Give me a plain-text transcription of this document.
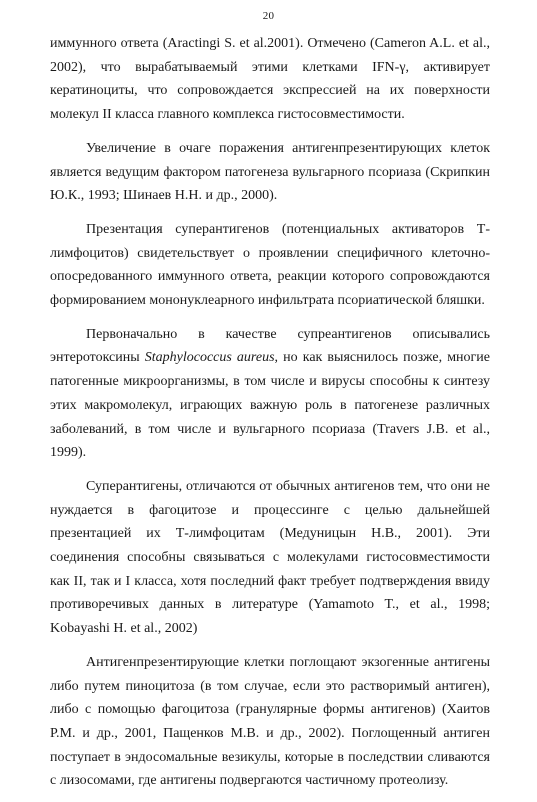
20

иммунного ответа (Aractingi S. et al.2001). Отмечено (Cameron A.L. et al., 2002), что вырабатываемый этими клетками IFN-γ, активирует кератиноциты, что сопровождается экспрессией на их поверхности молекул II класса главного комплекса гистосовместимости.

Увеличение в очаге поражения антигенпрезентирующих клеток является ведущим фактором патогенеза вульгарного псориаза (Скрипкин Ю.К., 1993; Шинаев Н.Н. и др., 2000).

Презентация суперантигенов (потенциальных активаторов Т-лимфоцитов) свидетельствует о проявлении специфичного клеточно-опосредованного иммунного ответа, реакции которого сопровождаются формированием мононуклеарного инфильтрата псориатической бляшки.

Первоначально в качестве супреантигенов описывались энтеротоксины Staphylococcus aureus, но как выяснилось позже, многие патогенные микроорганизмы, в том числе и вирусы способны к синтезу этих макромолекул, играющих важную роль в патогенезе различных заболеваний, в том числе и вульгарного псориаза (Travers J.B. et al., 1999).

Суперантигены, отличаются от обычных антигенов тем, что они не нуждается в фагоцитозе и процессинге с целью дальнейшей презентацией их Т-лимфоцитам (Медуницын Н.В., 2001). Эти соединения способны связываться с молекулами гистосовместимости как II, так и I класса, хотя последний факт требует подтверждения ввиду противоречивых данных в литературе (Yamamoto T., et al., 1998; Kobayashi H. et al., 2002)

Антигенпрезентирующие клетки поглощают экзогенные антигены либо путем пиноцитоза (в том случае, если это растворимый антиген), либо с помощью фагоцитоза (гранулярные формы антигенов) (Хаитов Р.М. и др., 2001, Пащенков М.В. и др., 2002). Поглощенный антиген поступает в эндосомальные везикулы, которые в последствии сливаются с лизосомами, где антигены подвергаются частичному протеолизу.
